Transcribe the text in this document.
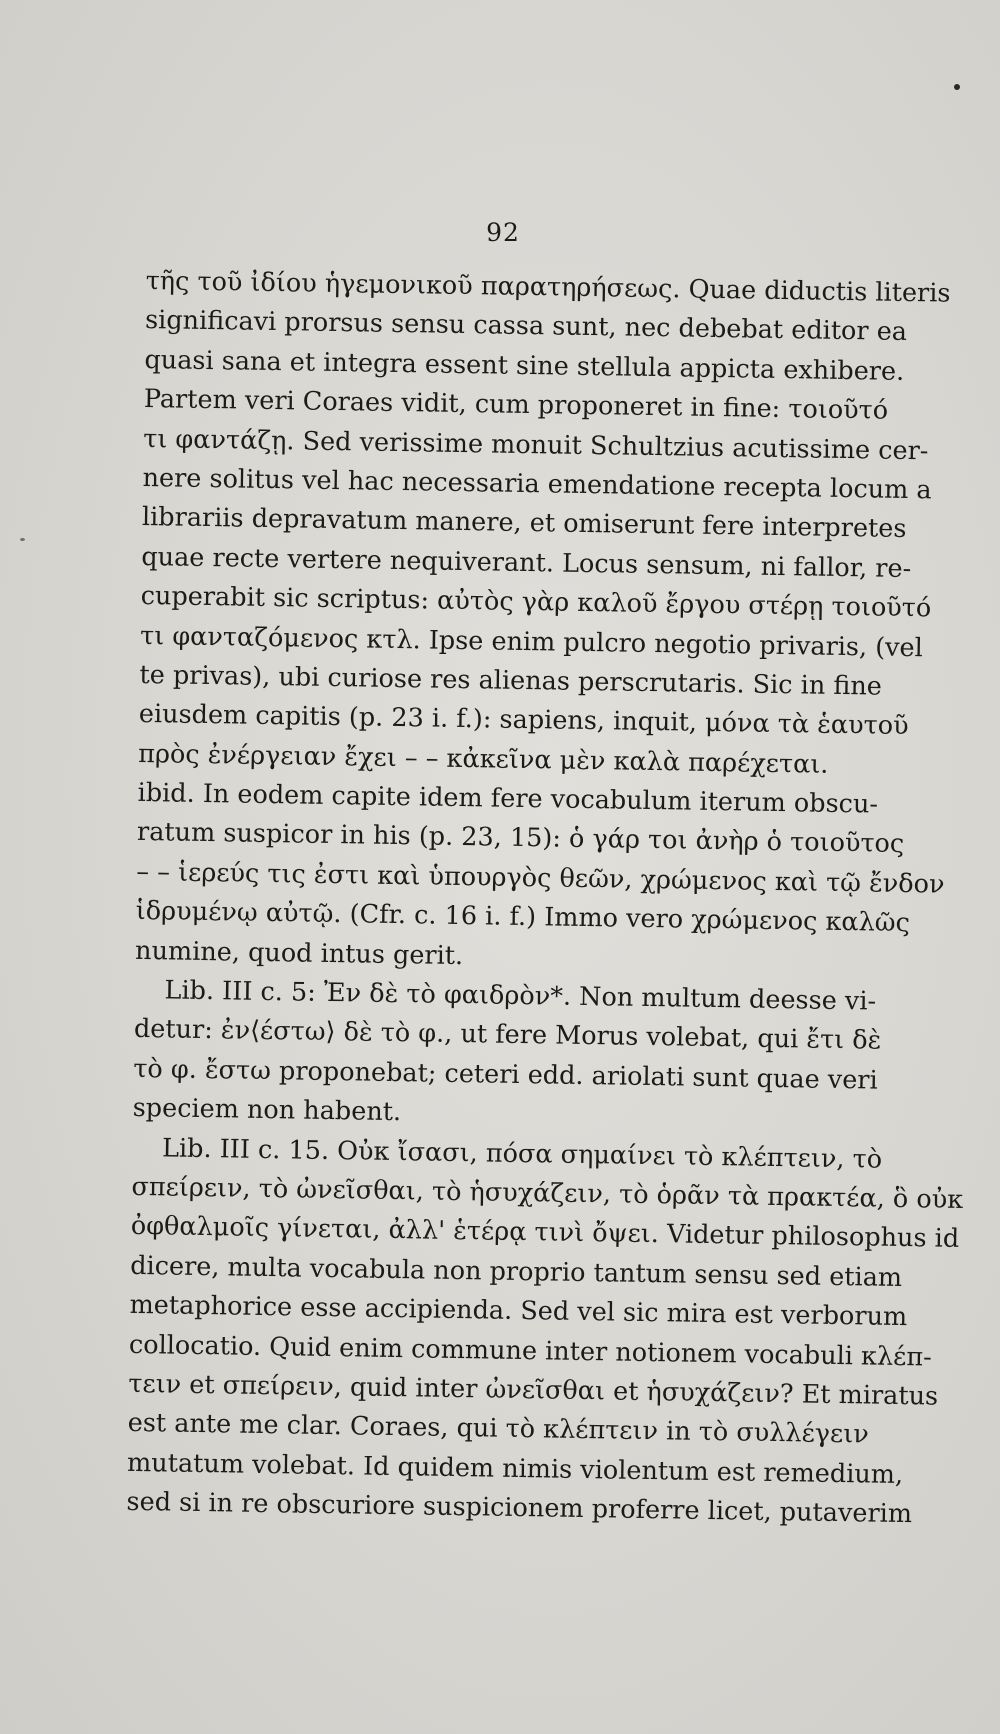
92
τῆς τοῦ ἰδίου ἡγεμονικοῦ παρατηρήσεως. Quae diductis literis
significavi prorsus sensu cassa sunt, nec debebat editor ea
quasi sana et integra essent sine stellula appicta exhibere.
Partem veri Coraes vidit, cum proponeret in fine: τοιοῦτό
τι φαντάζῃ. Sed verissime monuit Schultzius acutissime cer-
nere solitus vel hac necessaria emendatione recepta locum a
librariis depravatum manere, et omiserunt fere interpretes
quae recte vertere nequiverant. Locus sensum, ni fallor, re-
cuperabit sic scriptus: αὐτὸς γὰρ καλοῦ ἔργου στέρῃ τοιοῦτό
τι φανταζόμενος κτλ. Ipse enim pulcro negotio privaris, (vel
te privas), ubi curiose res alienas perscrutaris. Sic in fine
eiusdem capitis (p. 23 i. f.): sapiens, inquit, μόνα τὰ ἑαυτοῦ
πρὸς ἐνέργειαν ἔχει – – κἀκεῖνα μὲν καλὰ παρέχεται.
ibid. In eodem capite idem fere vocabulum iterum obscu-
ratum suspicor in his (p. 23, 15): ὁ γάρ τοι ἀνὴρ ὁ τοιοῦτος
– – ἱερεύς τις ἐστι καὶ ὑπουργὸς θεῶν, χρώμενος καὶ τῷ ἔνδον
ἱδρυμένῳ αὐτῷ. (Cfr. c. 16 i. f.) Immo vero χρώμενος καλῶς
numine, quod intus gerit.
Lib. III c. 5: Ἐν δὲ τὸ φαιδρὸν*. Non multum deesse vi-
detur: ἐν⟨έστω⟩ δὲ τὸ φ., ut fere Morus volebat, qui ἔτι δὲ
τὸ φ. ἔστω proponebat; ceteri edd. ariolati sunt quae veri
speciem non habent.
Lib. III c. 15. Οὐκ ἴσασι, πόσα σημαίνει τὸ κλέπτειν, τὸ
σπείρειν, τὸ ὠνεῖσθαι, τὸ ἡσυχάζειν, τὸ ὁρᾶν τὰ πρακτέα, ὃ οὐκ
ὀφθαλμοῖς γίνεται, ἀλλ' ἑτέρᾳ τινὶ ὄψει. Videtur philosophus id
dicere, multa vocabula non proprio tantum sensu sed etiam
metaphorice esse accipienda. Sed vel sic mira est verborum
collocatio. Quid enim commune inter notionem vocabuli κλέπ-
τειν et σπείρειν, quid inter ὠνεῖσθαι et ἡσυχάζειν? Et miratus
est ante me clar. Coraes, qui τὸ κλέπτειν in τὸ συλλέγειν
mutatum volebat. Id quidem nimis violentum est remedium,
sed si in re obscuriore suspicionem proferre licet, putaverim
